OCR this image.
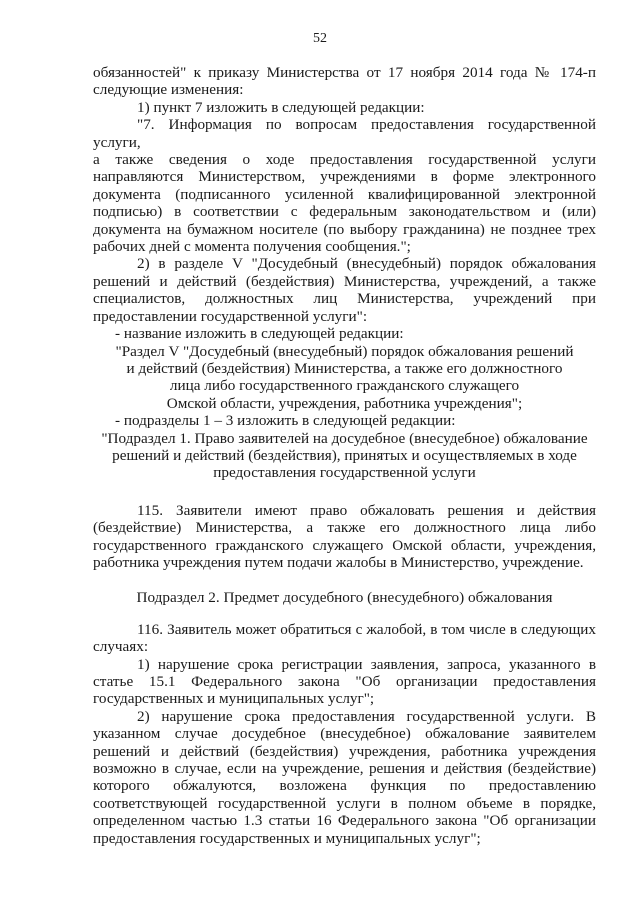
52

обязанностей" к приказу Министерства от 17 ноября 2014 года № 174-п

следующие изменения:

1) пункт 7 изложить в следующей редакции:

"7. Информация по вопросам предоставления государственной услуги,

а также сведения о ходе предоставления государственной услуги

направляются Министерством, учреждениями в форме электронного

документа (подписанного усиленной квалифицированной электронной

подписью) в соответствии с федеральным законодательством и (или)

документа на бумажном носителе (по выбору гражданина) не позднее трех

рабочих дней с момента получения сообщения.";

2) в разделе V "Досудебный (внесудебный) порядок обжалования

решений и действий (бездействия) Министерства, учреждений, а также

специалистов, должностных лиц Министерства, учреждений при

предоставлении государственной услуги":

- название изложить в следующей редакции:

"Раздел V "Досудебный (внесудебный) порядок обжалования решений

и действий (бездействия) Министерства, а также его должностного

лица либо государственного гражданского служащего

Омской области, учреждения, работника учреждения";

- подразделы 1 – 3 изложить в следующей редакции:

"Подраздел 1. Право заявителей на досудебное (внесудебное) обжалование

решений и действий (бездействия), принятых и осуществляемых в ходе

предоставления государственной услуги

115. Заявители имеют право обжаловать решения и действия

(бездействие) Министерства, а также его должностного лица либо

государственного гражданского служащего Омской области, учреждения,

работника учреждения путем подачи жалобы в Министерство, учреждение.

Подраздел 2. Предмет досудебного (внесудебного) обжалования

116. Заявитель может обратиться с жалобой, в том числе в следующих

случаях:

1) нарушение срока регистрации заявления, запроса, указанного в

статье 15.1 Федерального закона "Об организации предоставления

государственных и муниципальных услуг";

2) нарушение срока предоставления государственной услуги. В

указанном случае досудебное (внесудебное) обжалование заявителем

решений и действий (бездействия) учреждения, работника учреждения

возможно в случае, если на учреждение, решения и действия (бездействие)

которого обжалуются, возложена функция по предоставлению

соответствующей государственной услуги в полном объеме в порядке,

определенном частью 1.3 статьи 16 Федерального закона "Об организации

предоставления государственных и муниципальных услуг";
